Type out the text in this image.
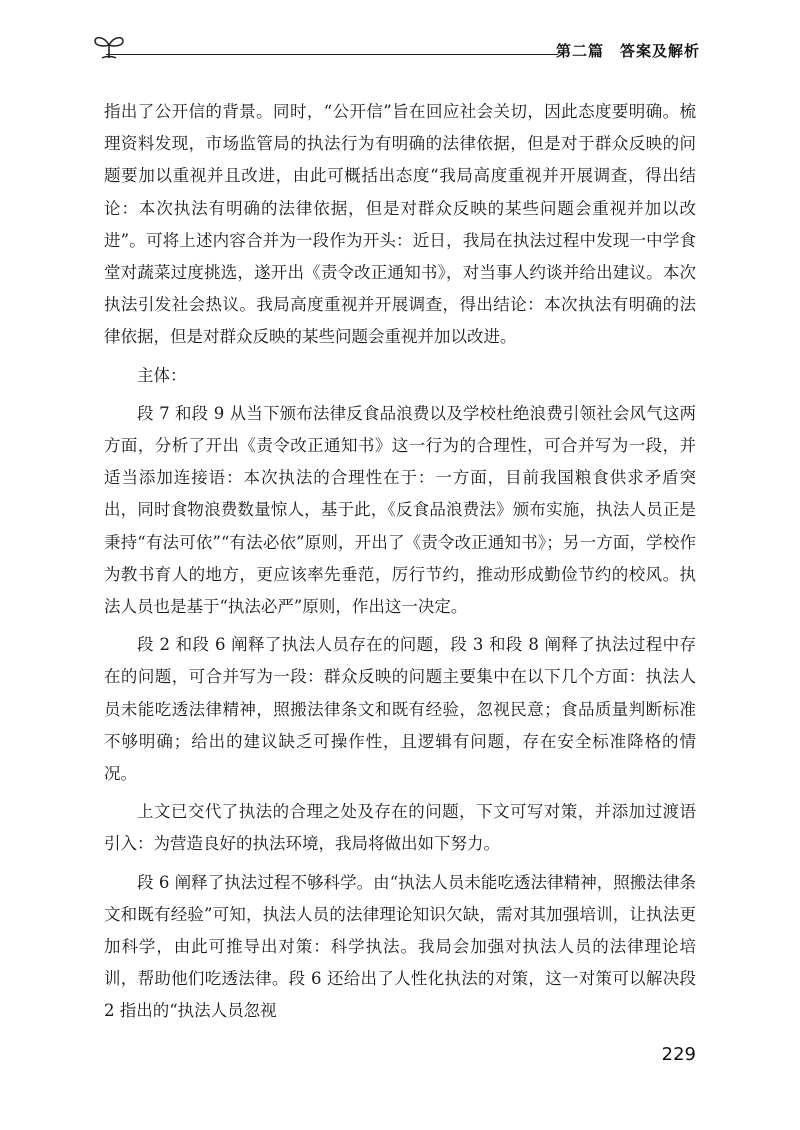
第二篇　答案及解析

指出了公开信的背景。同时，“公开信”旨在回应社会关切，因此态度要明确。梳理资料发现，市场监管局的执法行为有明确的法律依据，但是对于群众反映的问题要加以重视并且改进，由此可概括出态度“我局高度重视并开展调查，得出结论：本次执法有明确的法律依据，但是对群众反映的某些问题会重视并加以改进”。可将上述内容合并为一段作为开头：近日，我局在执法过程中发现一中学食堂对蔬菜过度挑选，遂开出《责令改正通知书》，对当事人约谈并给出建议。本次执法引发社会热议。我局高度重视并开展调查，得出结论：本次执法有明确的法律依据，但是对群众反映的某些问题会重视并加以改进。

主体：

段 7 和段 9 从当下颁布法律反食品浪费以及学校杜绝浪费引领社会风气这两方面，分析了开出《责令改正通知书》这一行为的合理性，可合并写为一段，并适当添加连接语：本次执法的合理性在于：一方面，目前我国粮食供求矛盾突出，同时食物浪费数量惊人，基于此，《反食品浪费法》颁布实施，执法人员正是秉持“有法可依”“有法必依”原则，开出了《责令改正通知书》；另一方面，学校作为教书育人的地方，更应该率先垂范，厉行节约，推动形成勤俭节约的校风。执法人员也是基于“执法必严”原则，作出这一决定。

段 2 和段 6 阐释了执法人员存在的问题，段 3 和段 8 阐释了执法过程中存在的问题，可合并写为一段：群众反映的问题主要集中在以下几个方面：执法人员未能吃透法律精神，照搬法律条文和既有经验，忽视民意；食品质量判断标准不够明确；给出的建议缺乏可操作性，且逻辑有问题，存在安全标准降格的情况。

上文已交代了执法的合理之处及存在的问题，下文可写对策，并添加过渡语引入：为营造良好的执法环境，我局将做出如下努力。

段 6 阐释了执法过程不够科学。由“执法人员未能吃透法律精神，照搬法律条文和既有经验”可知，执法人员的法律理论知识欠缺，需对其加强培训，让执法更加科学，由此可推导出对策：科学执法。我局会加强对执法人员的法律理论培训，帮助他们吃透法律。段 6 还给出了人性化执法的对策，这一对策可以解决段 2 指出的“执法人员忽视

229
